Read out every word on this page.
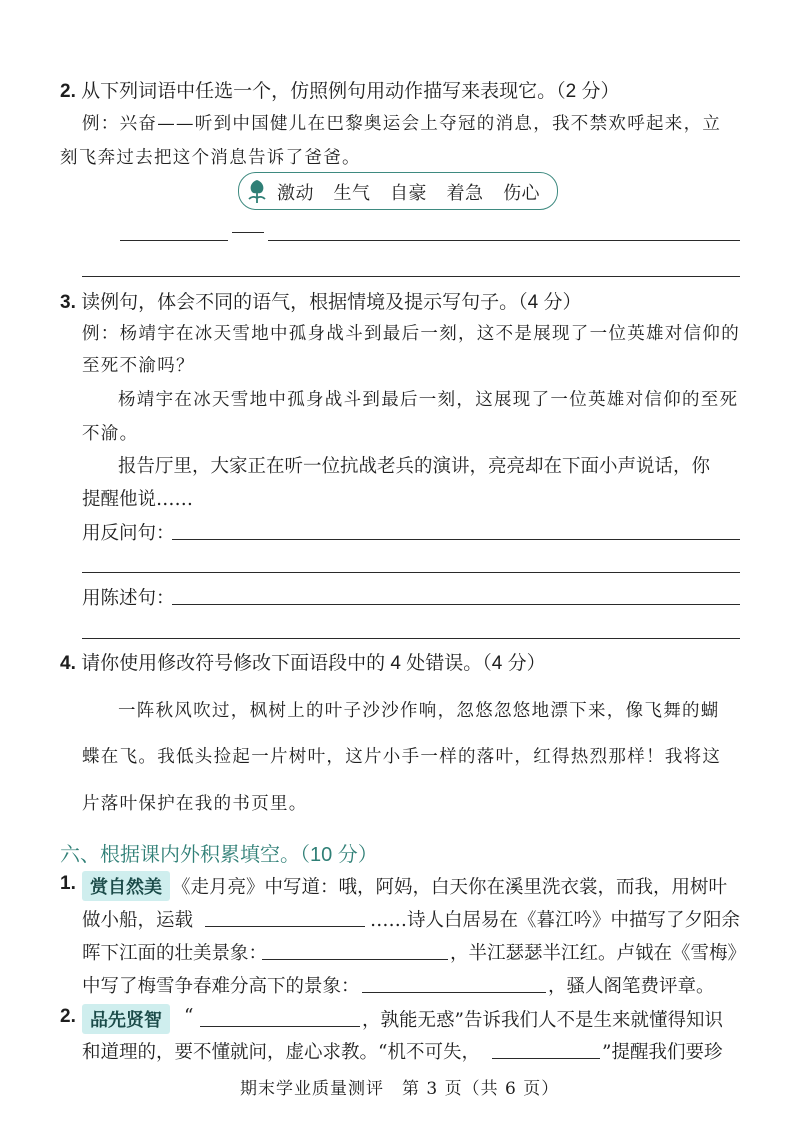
2. 从下列词语中任选一个，仿照例句用动作描写来表现它。（2 分）
例：兴奋——听到中国健儿在巴黎奥运会上夺冠的消息，我不禁欢呼起来，立
刻飞奔过去把这个消息告诉了爸爸。
激动 生气 自豪 着急 伤心
3. 读例句，体会不同的语气，根据情境及提示写句子。（4 分）
例：杨靖宇在冰天雪地中孤身战斗到最后一刻，这不是展现了一位英雄对信仰的
至死不渝吗？
杨靖宇在冰天雪地中孤身战斗到最后一刻，这展现了一位英雄对信仰的至死
不渝。
报告厅里，大家正在听一位抗战老兵的演讲，亮亮却在下面小声说话，你
提醒他说……
用反问句：
用陈述句：
4. 请你使用修改符号修改下面语段中的 4 处错误。（4 分）
一阵秋风吹过，枫树上的叶子沙沙作响，忽悠忽悠地漂下来，像飞舞的蝴
蝶在飞。我低头捡起一片树叶，这片小手一样的落叶，红得热烈那样！我将这
片落叶保护在我的书页里。
六、根据课内外积累填空。（10 分）
1. 赏自然美 《走月亮》中写道：哦，阿妈，白天你在溪里洗衣裳，而我，用树叶
做小船，运载	……诗人白居易在《暮江吟》中描写了夕阳余
晖下江面的壮美景象：	，半江瑟瑟半江红。卢钺在《雪梅》
中写了梅雪争春难分高下的景象：	，骚人阁笔费评章。
2. 品先贤智	“	，孰能无惑”告诉我们人不是生来就懂得知识
和道理的，要不懂就问，虚心求教。“机不可失，	”提醒我们要珍
期末学业质量测评　第 3 页（共 6 页）
